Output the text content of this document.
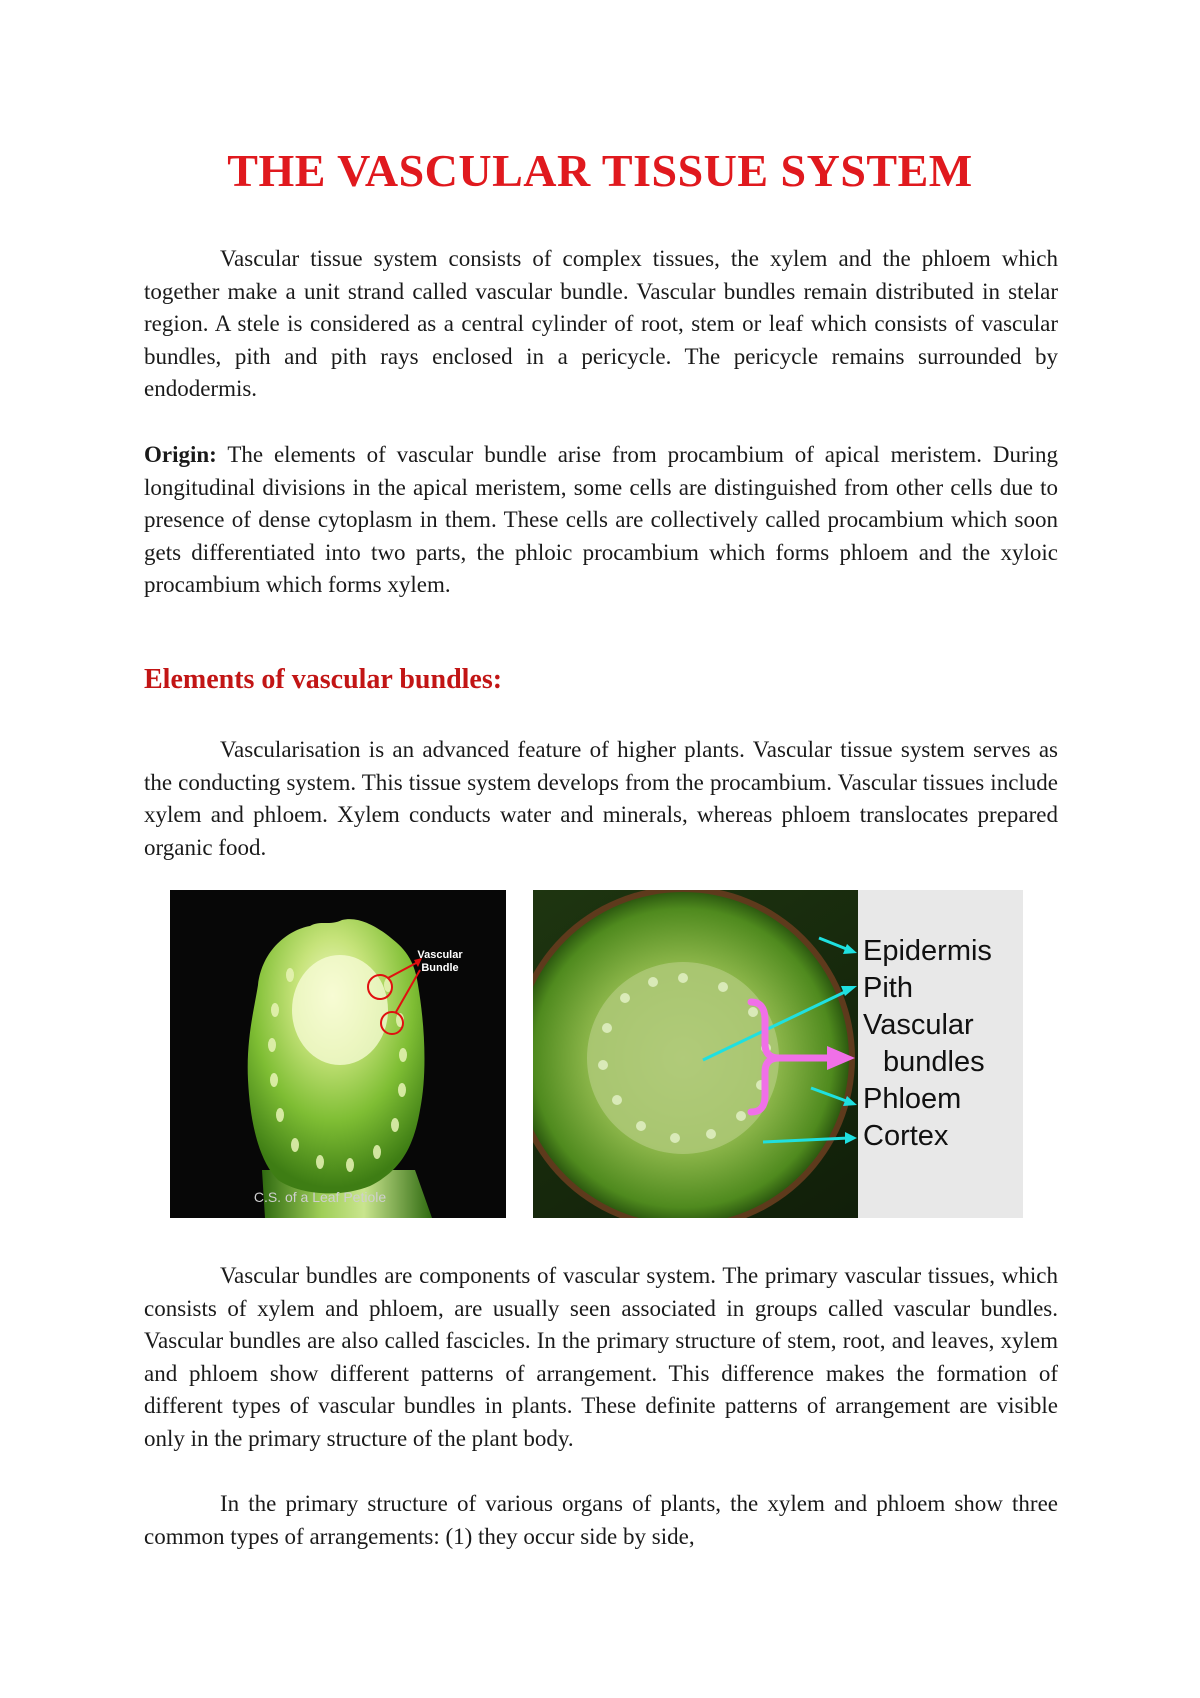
THE VASCULAR TISSUE SYSTEM

Vascular tissue system consists of complex tissues, the xylem and the phloem which together make a unit strand called vascular bundle. Vascular bundles remain distributed in stelar region. A stele is considered as a central cylinder of root, stem or leaf which consists of vascular bundles, pith and pith rays enclosed in a pericycle. The pericycle remains surrounded by endodermis.

Origin: The elements of vascular bundle arise from procambium of apical meristem. During longitudinal divisions in the apical meristem, some cells are distinguished from other cells due to presence of dense cytoplasm in them. These cells are collectively called procambium which soon gets differentiated into two parts, the phloic procambium which forms phloem and the xyloic procambium which forms xylem.

Elements of vascular bundles:

Vascularisation is an advanced feature of higher plants. Vascular tissue system serves as the conducting system. This tissue system develops from the procambium. Vascular tissues include xylem and phloem. Xylem conducts water and minerals, whereas phloem translocates prepared organic food.

Vascular
Bundle
C.S. of a Leaf Petiole
Epidermis
Pith
Vascular
bundles
Phloem
Cortex

Vascular bundles are components of vascular system. The primary vascular tissues, which consists of xylem and phloem, are usually seen associated in groups called vascular bundles. Vascular bundles are also called fascicles. In the primary structure of stem, root, and leaves, xylem and phloem show different patterns of arrangement. This difference makes the formation of different types of vascular bundles in plants. These definite patterns of arrangement are visible only in the primary structure of the plant body.

In the primary structure of various organs of plants, the xylem and phloem show three common types of arrangements: (1) they occur side by side,
